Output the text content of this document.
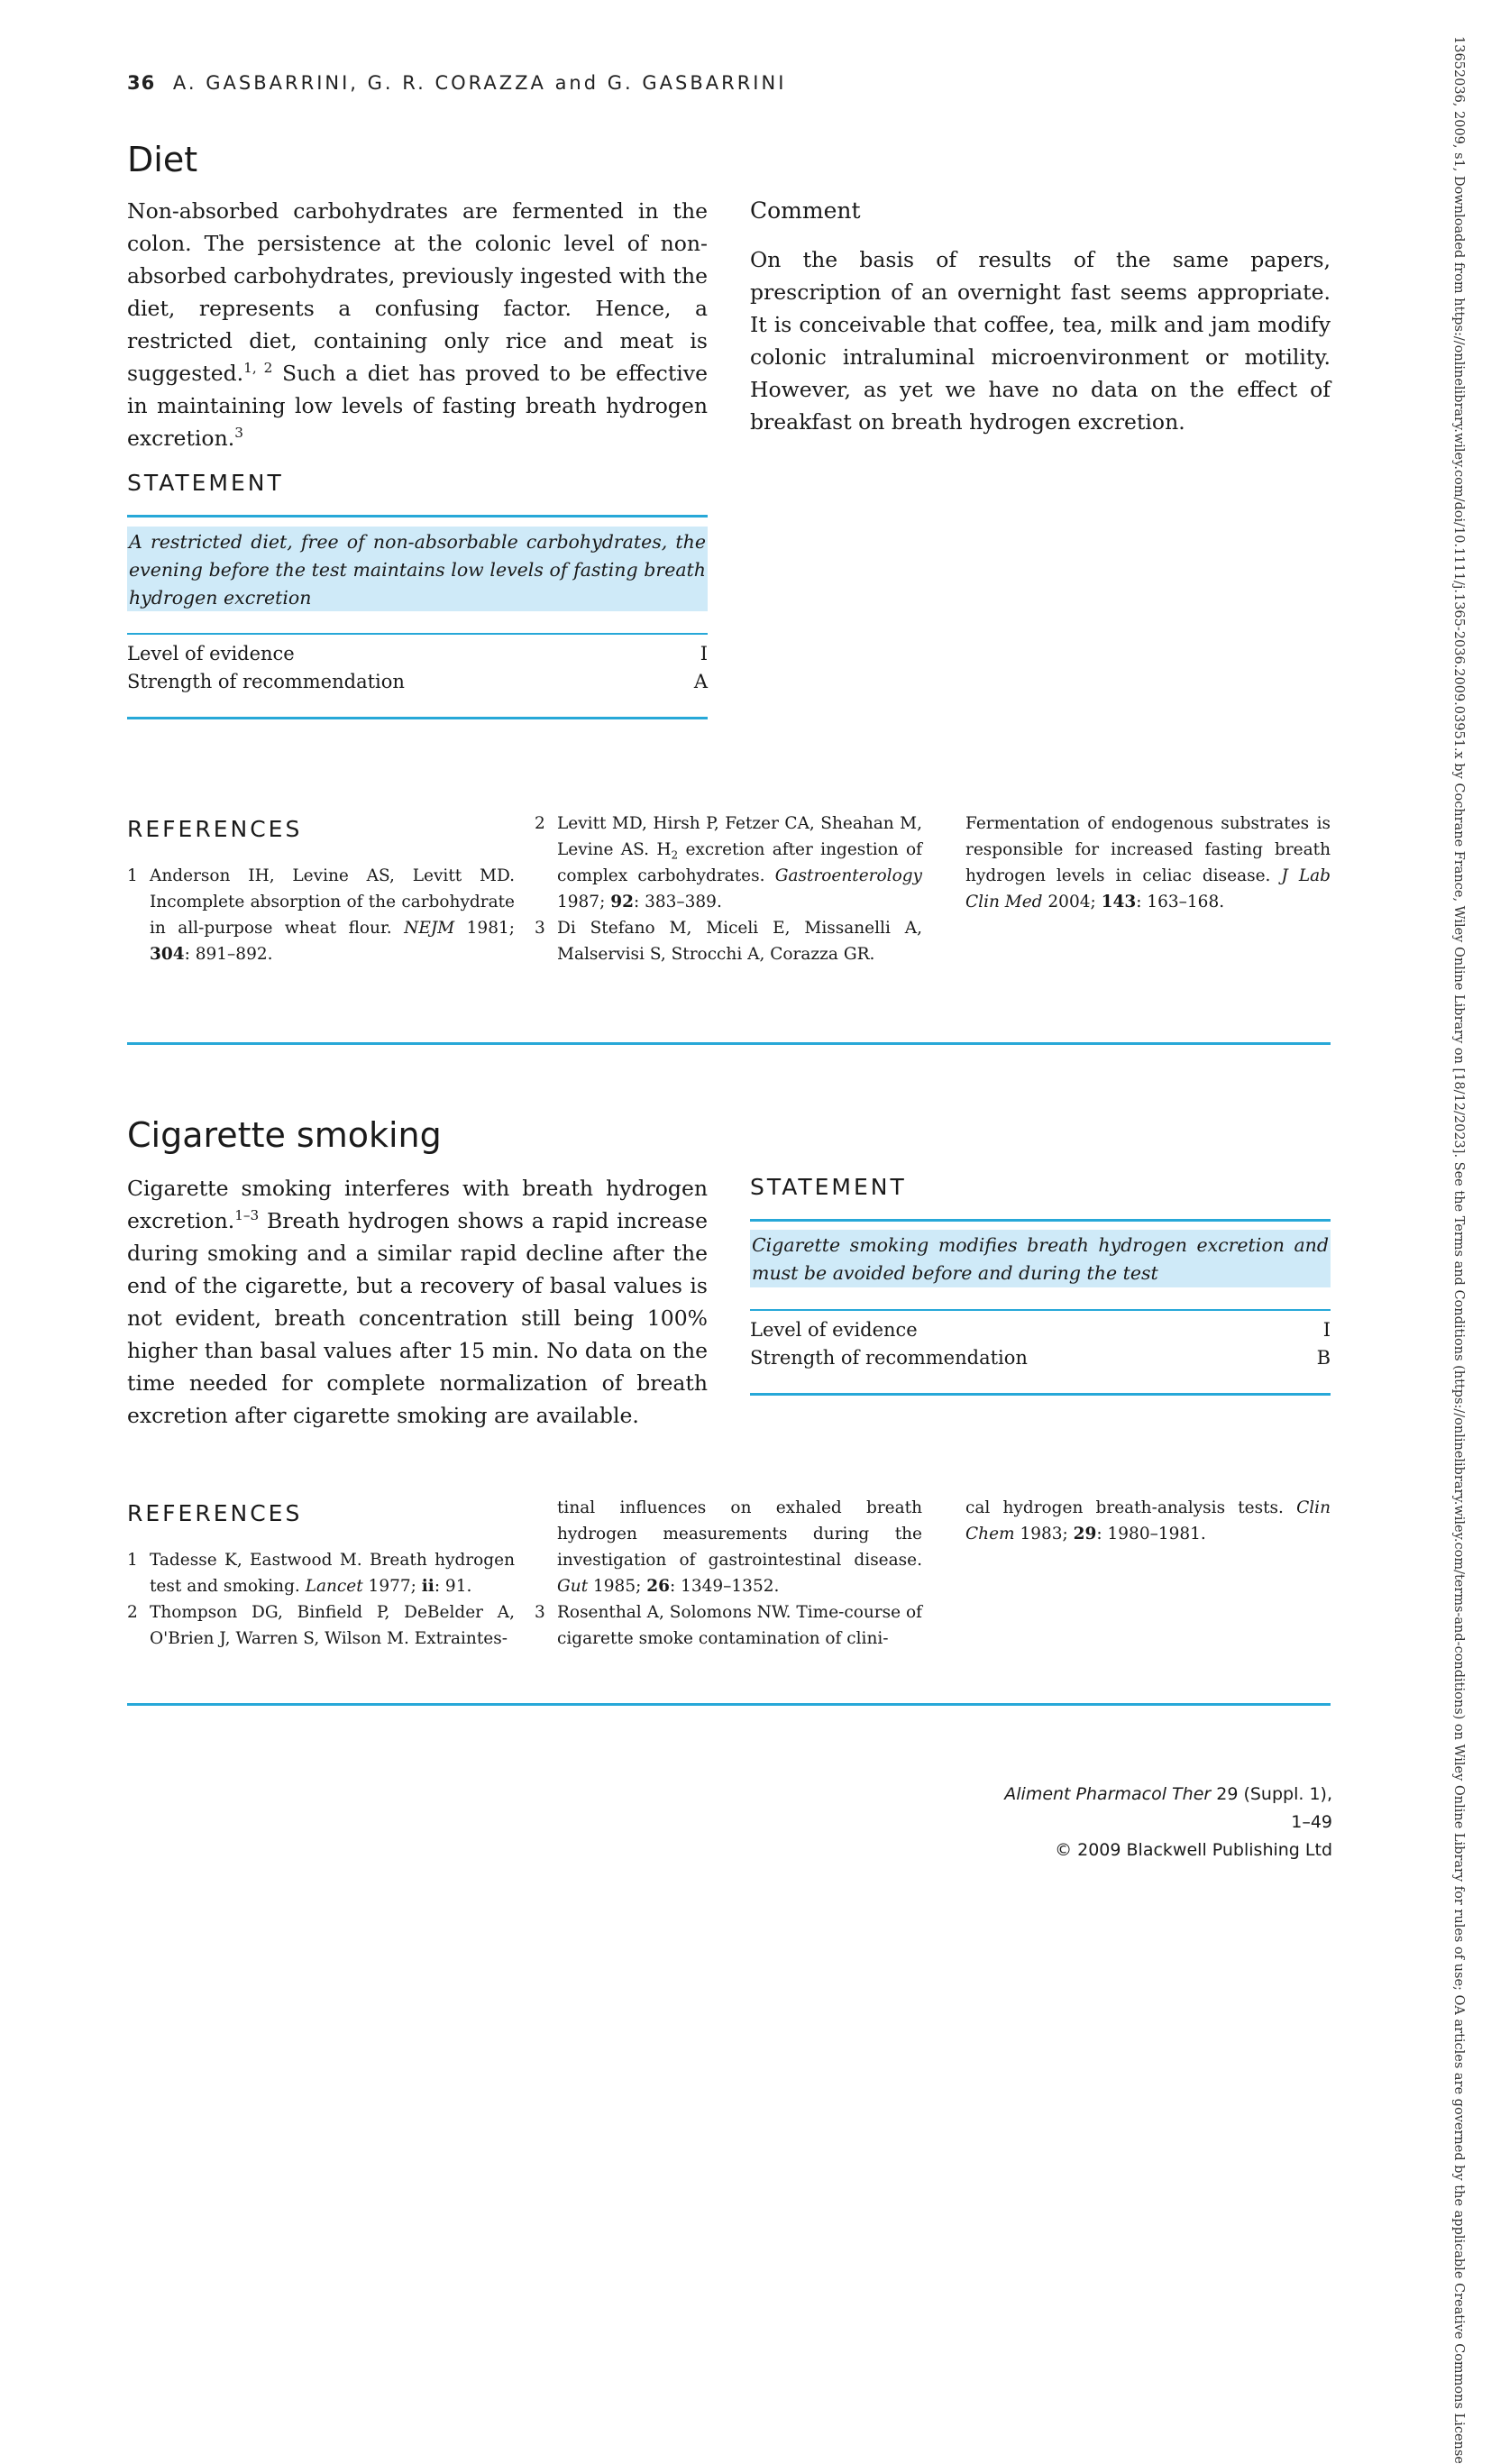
36 A. GASBARRINI, G. R. CORAZZA and G. GASBARRINI
Diet

Non-absorbed carbohydrates are fermented in the colon. The persistence at the colonic level of non-absorbed carbohydrates, previously ingested with the diet, represents a confusing factor. Hence, a restricted diet, containing only rice and meat is suggested.$^{1, 2}$ Such a diet has proved to be effective in maintaining low levels of fasting breath hydrogen excretion.$^3$

Comment

On the basis of results of the same papers, prescription of an overnight fast seems appropriate. It is conceivable that coffee, tea, milk and jam modify colonic intraluminal microenvironment or motility. However, as yet we have no data on the effect of breakfast on breath hydrogen excretion.

STATEMENT
A restricted diet, free of non-absorbable carbohydrates, the evening before the test maintains low levels of fasting breath hydrogen excretion
Level of evidence	I
Strength of recommendation	A
REFERENCES
1 Anderson IH, Levine AS, Levitt MD. Incomplete absorption of the carbohydrate in all-purpose wheat flour. NEJM 1981; 304: 891–892.
2 Levitt MD, Hirsh P, Fetzer CA, Sheahan M, Levine AS. $H_2$ excretion after ingestion of complex carbohydrates. Gastroenterology 1987; 92: 383–389.
3 Di Stefano M, Miceli E, Missanelli A, Malservisi S, Strocchi A, Corazza GR.

Fermentation of endogenous substrates is responsible for increased fasting breath hydrogen levels in celiac disease. J Lab Clin Med 2004; 143: 163–168.

Cigarette smoking

Cigarette smoking interferes with breath hydrogen excretion.$^{1-3}$ Breath hydrogen shows a rapid increase during smoking and a similar rapid decline after the end of the cigarette, but a recovery of basal values is not evident, breath concentration still being 100% higher than basal values after 15 min. No data on the time needed for complete normalization of breath excretion after cigarette smoking are available.

STATEMENT
Cigarette smoking modifies breath hydrogen excretion and must be avoided before and during the test
Level of evidence	I
Strength of recommendation	B
REFERENCES
1 Tadesse K, Eastwood M. Breath hydrogen test and smoking. Lancet 1977; ii: 91.
2 Thompson DG, Binfield P, DeBelder A, O'Brien J, Warren S, Wilson M. Extraintes-

tinal influences on exhaled breath hydrogen measurements during the investigation of gastrointestinal disease. Gut 1985; 26: 1349–1352.

3 Rosenthal A, Solomons NW. Time-course of cigarette smoke contamination of clini-

cal hydrogen breath-analysis tests. Clin Chem 1983; 29: 1980–1981.

Aliment Pharmacol Ther 29 (Suppl. 1), 1–49
© 2009 Blackwell Publishing Ltd	13652036, 2009, s1, Downloaded from https://onlinelibrary.wiley.com/doi/10.1111/j.1365-2036.2009.03951.x by Cochrane France, Wiley Online Library on [18/12/2023]. See the Terms and Conditions (https://onlinelibrary.wiley.com/terms-and-conditions) on Wiley Online Library for rules of use; OA articles are governed by the applicable Creative Commons License
